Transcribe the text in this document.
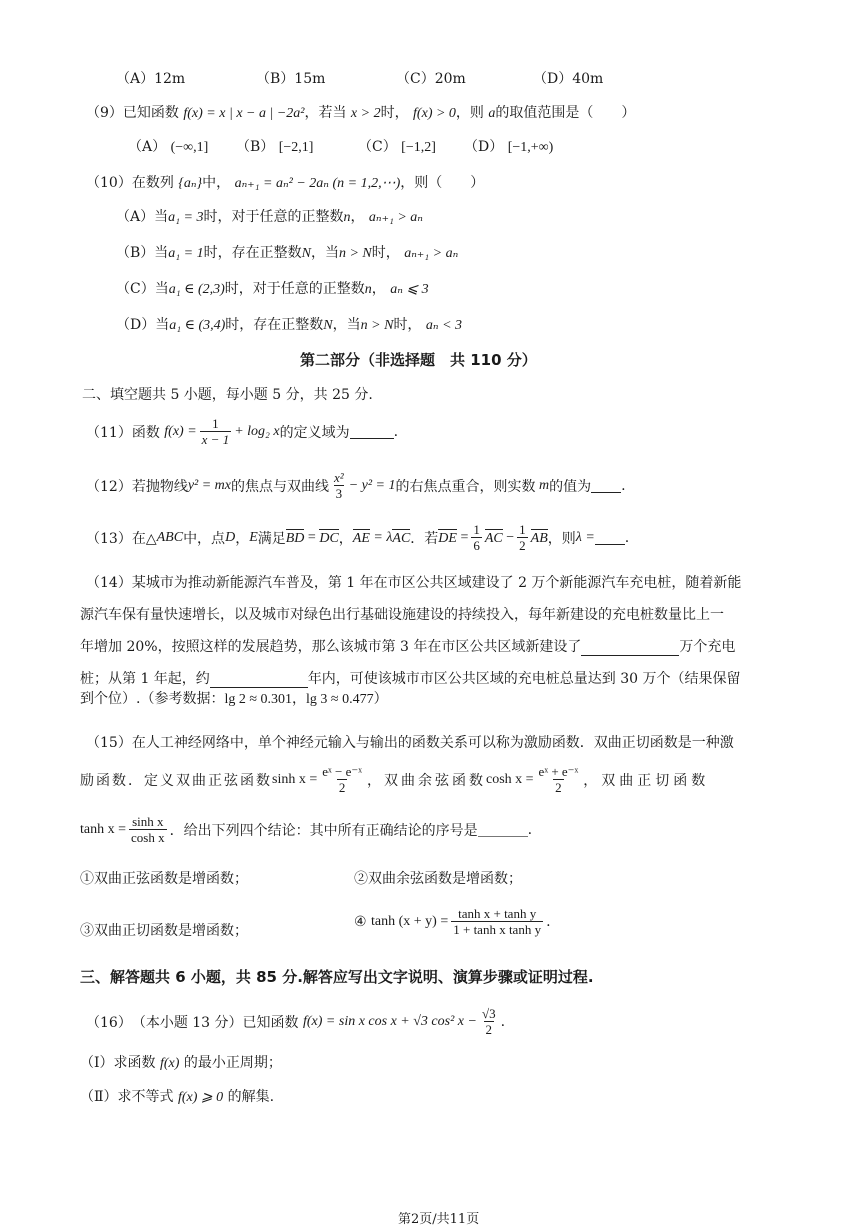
（A）12m	（B）15m	（C）20m	（D）40m
（9）已知函数 f(x) = x | x − a | −2a²，若当 x > 2时， f(x) > 0，则 a的取值范围是（　　）
（A） (−∞,1] （B） [−2,1]	（C） [−1,2] （D） [−1,+∞)
（10）在数列 {aₙ}中， aₙ₊₁ = aₙ² − 2aₙ (n = 1,2,⋯)，则（　　）
（A）当a₁ = 3时，对于任意的正整数n， aₙ₊₁ > aₙ
（B）当a₁ = 1时，存在正整数N，当n > N时， aₙ₊₁ > aₙ
（C）当a₁ ∈ (2,3)时，对于任意的正整数n， aₙ ⩽ 3
（D）当a₁ ∈ (3,4)时，存在正整数N，当n > N时， aₙ < 3
第二部分（非选择题　共 110 分）
二、填空题共 5 小题，每小题 5 分，共 25 分.
（11） 函数
$f(x) = \frac{1}{x - 1} + \log_2$ x 的定义域为	.
（12） 若抛物线 y² = mx 的焦点与双曲线 $\frac{\text{x²}}{3} - y^2 = 1$ 的右焦点重合，则实数
m 的值为 .
（13） 在△ ABC 中，点 D ， E 满足 BD
=
DC ， AE
= λ AC ．若 DE
= $\frac{1}{6}$ AC
− $\frac{1}{2}$ AB ，则 λ = .
（14）某城市为推动新能源汽车普及，第 1 年在市区公共区域建设了 2 万个新能源汽车充电桩，随着新能
源汽车保有量快速增长，以及城市对绿色出行基础设施建设的持续投入，每年新建设的充电桩数量比上一
年增加 20%，按照这样的发展趋势，那么该城市第 3 年在市区公共区域新建设了	万个充电
桩；从第 1 年起，约	年内，可使该城市市区公共区域的充电桩总量达到 30 万个（结果保留
到个位）.（参考数据：lg 2 ≈ 0.301，lg 3 ≈ 0.477）
（15）在人工神经网络中，单个神经元输入与输出的函数关系可以称为激励函数．双曲正切函数是一种激
励函数．定义双曲正弦函数 $\sinh x = \frac{\text{eˣ − e⁻ˣ}}{2}$ ，双曲余弦函数 $\cosh x = \frac{\text{eˣ + e⁻ˣ}}{2}$ ，双曲正切函数
$\tanh x = \frac{\text{sinh x}}{\text{cosh x}}$ ．给出下列四个结论：其中所有正确结论的序号是	.
①双曲正弦函数是增函数；	②双曲余弦函数是增函数；
③双曲正切函数是增函数；
④
$\tanh (x + y) = \frac{\text{tanh x + tanh y}}{\text{1 + tanh x tanh y}}$ .
三、解答题共 6 小题，共 85 分.解答应写出文字说明、演算步骤或证明过程.
（16） （本小题 13 分） 已知函数
f(x) = sin x cos x + √3 cos² $x - \frac{√3}{2}$ .
（Ⅰ）求函数 f(x) 的最小正周期；
（Ⅱ）求不等式 f(x) ⩾ 0 的解集.
第2页/共11页
